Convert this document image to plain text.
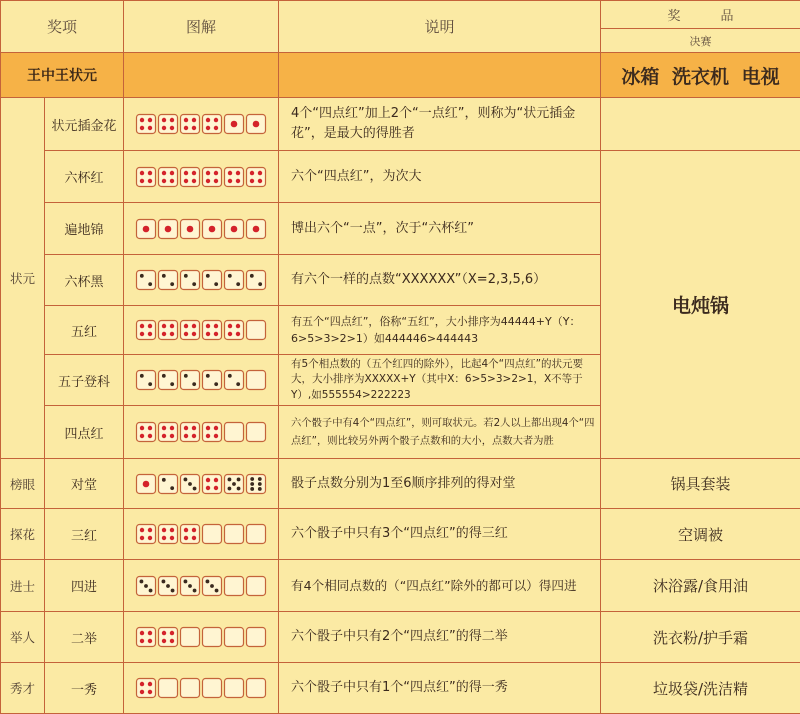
奖项		图解	说明	奖品
				决赛
王中王状元				冰箱 洗衣机 电视
状元	状元插金花		4个“四点红”加上2个“一点红”，则称为“状元插金花”，是最大的得胜者	
	六杯红		六个“四点红”，为次大	电炖锅
	遍地锦		博出六个“一点”，次于“六杯红”	
	六杯黑		有六个一样的点数“XXXXXX”（X=2,3,5,6）	
	五红		有五个“四点红”，俗称“五红”，大小排序为44444+Y（Y：6>5>3>2>1）如444446>444443	
	五子登科		有5个相点数的（五个红四的除外），比起4个“四点红”的状元要大，大小排序为XXXXX+Y（其中X：6>5>3>2>1，X不等于Y）,如555554>222223	
	四点红		六个骰子中有4个“四点红”，则可取状元。若2人以上都出现4个“四点红”，则比较另外两个骰子点数和的大小，点数大者为胜	
榜眼	对堂		骰子点数分别为1至6顺序排列的得对堂	锅具套装
探花	三红		六个骰子中只有3个“四点红”的得三红	空调被
进士	四进		有4个相同点数的（“四点红”除外的都可以）得四进	沐浴露/食用油
举人	二举		六个骰子中只有2个“四点红”的得二举	洗衣粉/护手霜
秀才	一秀		六个骰子中只有1个“四点红”的得一秀	垃圾袋/洗洁精
